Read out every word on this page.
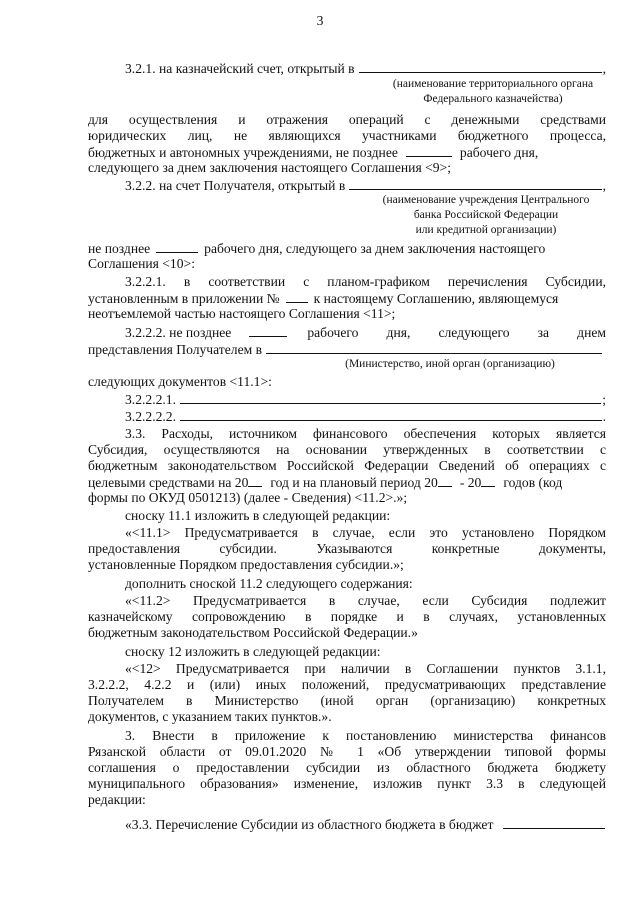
3
3.2.1. на казначейский счет, открытый в	,
(наименование территориального органа
Федерального казначейства)
для осуществления и отражения операций с денежными средствами
юридических лиц, не являющихся участниками бюджетного процесса,
бюджетных и автономных учреждениями, не позднее	рабочего дня,
следующего за днем заключения настоящего Соглашения <9>;
3.2.2. на счет Получателя, открытый в	,
(наименование учреждения Центрального
банка Российской Федерации
или кредитной организации)
не позднее	рабочего дня, следующего за днем заключения настоящего
Соглашения <10>:
3.2.2.1. в соответствии с планом-графиком перечисления Субсидии,
установленным в приложении №	к настоящему Соглашению, являющемуся
неотъемлемой частью настоящего Соглашения <11>;
3.2.2.2. не позднее	рабочего дня, следующего за днем
представления Получателем в
(Министерство, иной орган (организацию)
следующих документов <11.1>:
3.2.2.2.1.	;
3.2.2.2.2.	.
3.3. Расходы, источником финансового обеспечения которых является
Субсидия, осуществляются на основании утвержденных в соответствии с
бюджетным законодательством Российской Федерации Сведений об операциях с
целевыми средствами на 20 год и на плановый период 20 - 20 годов (код
формы по ОКУД 0501213) (далее - Сведения) <11.2>.»;
сноску 11.1 изложить в следующей редакции:
«<11.1> Предусматривается в случае, если это установлено Порядком
предоставления субсидии. Указываются конкретные документы,
установленные Порядком предоставления субсидии.»;
дополнить сноской 11.2 следующего содержания:
«<11.2> Предусматривается в случае, если Субсидия подлежит
казначейскому сопровождению в порядке и в случаях, установленных
бюджетным законодательством Российской Федерации.»
сноску 12 изложить в следующей редакции:
«<12> Предусматривается при наличии в Соглашении пунктов 3.1.1,
3.2.2.2, 4.2.2 и (или) иных положений, предусматривающих представление
Получателем в Министерство (иной орган (организацию) конкретных
документов, с указанием таких пунктов.».
3. Внести в приложение к постановлению министерства финансов
Рязанской области от 09.01.2020 № 1 «Об утверждении типовой формы
соглашения о предоставлении субсидии из областного бюджета бюджету
муниципального образования» изменение, изложив пункт 3.3 в следующей
редакции:
«3.3. Перечисление Субсидии из областного бюджета в бюджет
